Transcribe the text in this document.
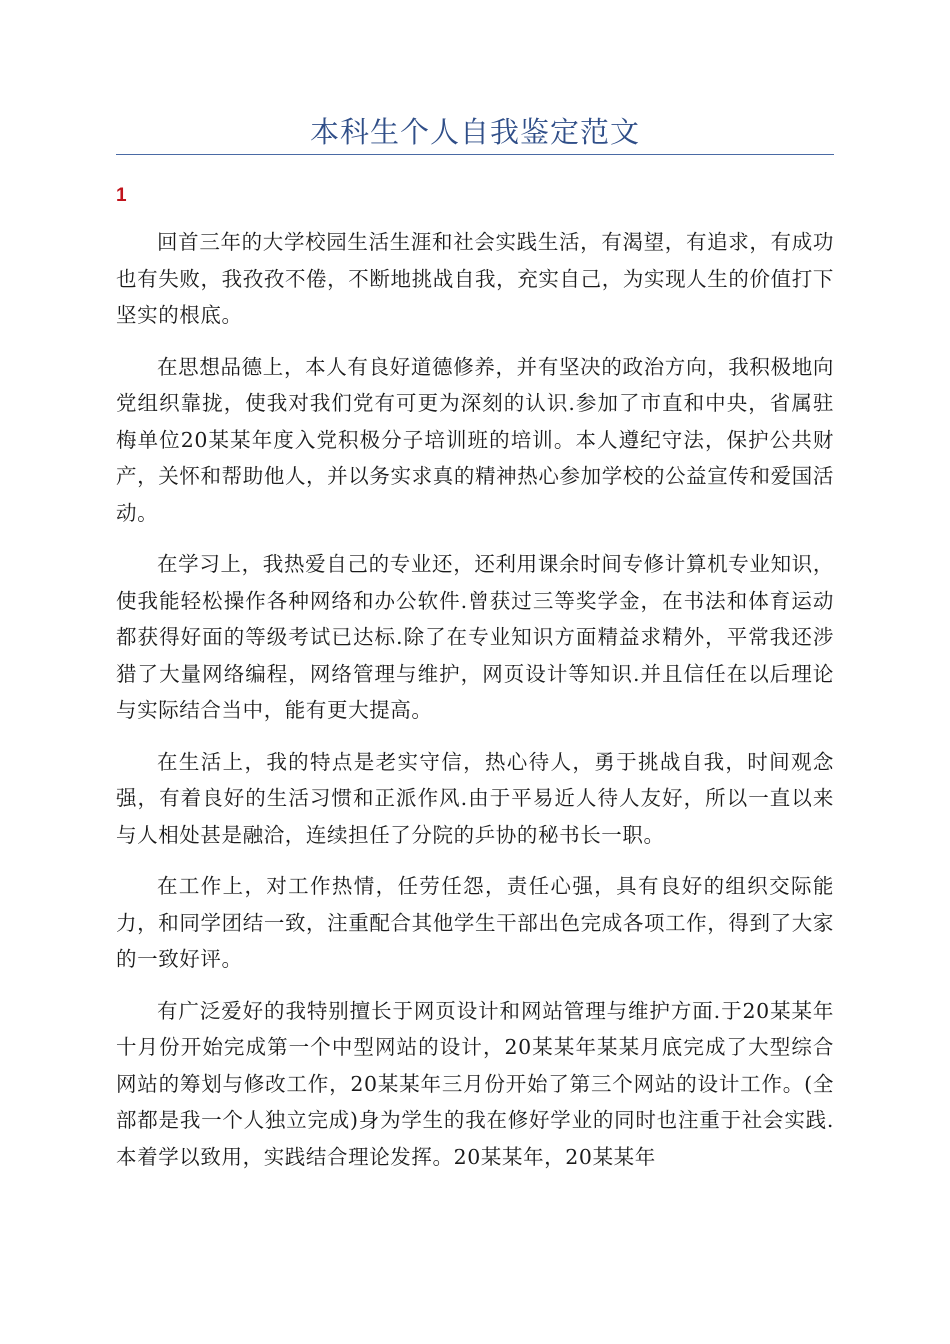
本科生个人自我鉴定范文
1

回首三年的大学校园生活生涯和社会实践生活，有渴望，有追求，有成功也有失败，我孜孜不倦，不断地挑战自我，充实自己，为实现人生的价值打下坚实的根底。

在思想品德上，本人有良好道德修养，并有坚决的政治方向，我积极地向党组织靠拢，使我对我们党有可更为深刻的认识.参加了市直和中央，省属驻梅单位20某某年度入党积极分子培训班的培训。本人遵纪守法，保护公共财产，关怀和帮助他人，并以务实求真的精神热心参加学校的公益宣传和爱国活动。

在学习上，我热爱自己的专业还，还利用课余时间专修计算机专业知识，使我能轻松操作各种网络和办公软件.曾获过三等奖学金，在书法和体育运动都获得好面的等级考试已达标.除了在专业知识方面精益求精外，平常我还涉猎了大量网络编程，网络管理与维护，网页设计等知识.并且信任在以后理论与实际结合当中，能有更大提高。

在生活上，我的特点是老实守信，热心待人，勇于挑战自我，时间观念强，有着良好的生活习惯和正派作风.由于平易近人待人友好，所以一直以来与人相处甚是融洽，连续担任了分院的乒协的秘书长一职。

在工作上，对工作热情，任劳任怨，责任心强，具有良好的组织交际能力，和同学团结一致，注重配合其他学生干部出色完成各项工作，得到了大家的一致好评。

有广泛爱好的我特别擅长于网页设计和网站管理与维护方面.于20某某年十月份开始完成第一个中型网站的设计，20某某年某某月底完成了大型综合网站的筹划与修改工作，20某某年三月份开始了第三个网站的设计工作。(全部都是我一个人独立完成)身为学生的我在修好学业的同时也注重于社会实践.本着学以致用，实践结合理论发挥。20某某年，20某某年
